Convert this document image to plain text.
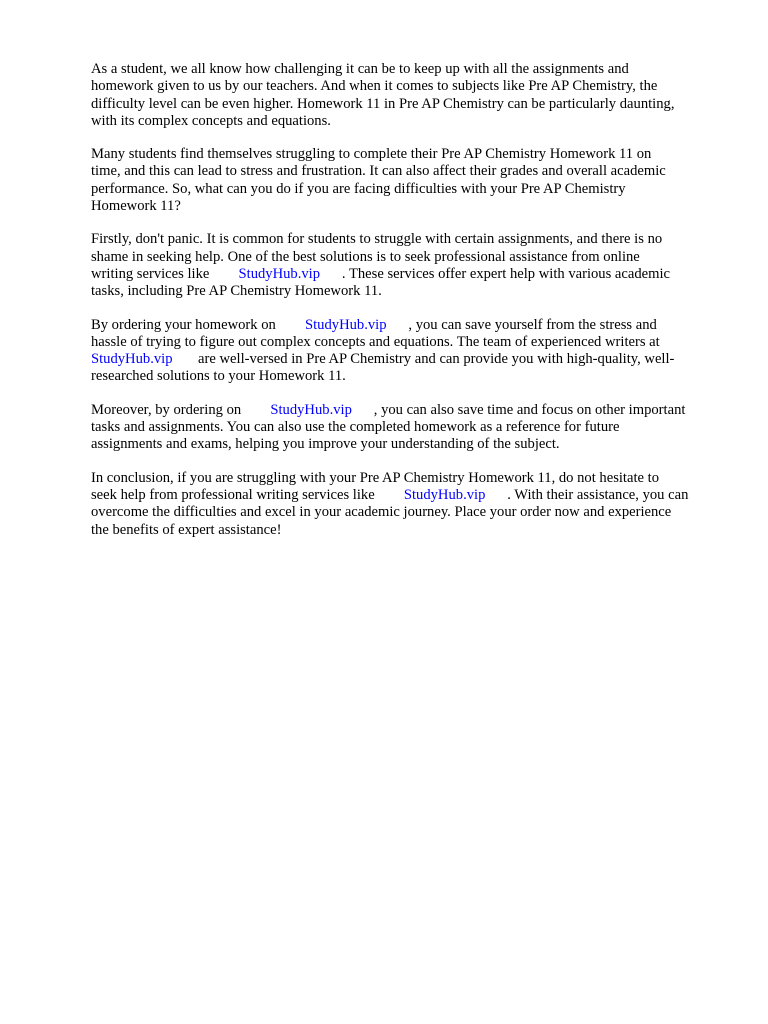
As a student, we all know how challenging it can be to keep up with all the assignments and
homework given to us by our teachers. And when it comes to subjects like Pre AP Chemistry, the
difficulty level can be even higher. Homework 11 in Pre AP Chemistry can be particularly daunting,
with its complex concepts and equations.

Many students find themselves struggling to complete their Pre AP Chemistry Homework 11 on
time, and this can lead to stress and frustration. It can also affect their grades and overall academic
performance. So, what can you do if you are facing difficulties with your Pre AP Chemistry
Homework 11?

Firstly, don't panic. It is common for students to struggle with certain assignments, and there is no
shame in seeking help. One of the best solutions is to seek professional assistance from online
writing services like        StudyHub.vip      . These services offer expert help with various academic
tasks, including Pre AP Chemistry Homework 11.

By ordering your homework on        StudyHub.vip      , you can save yourself from the stress and
hassle of trying to figure out complex concepts and equations. The team of experienced writers at
StudyHub.vip       are well-versed in Pre AP Chemistry and can provide you with high-quality, well-
researched solutions to your Homework 11.

Moreover, by ordering on        StudyHub.vip      , you can also save time and focus on other important
tasks and assignments. You can also use the completed homework as a reference for future
assignments and exams, helping you improve your understanding of the subject.

In conclusion, if you are struggling with your Pre AP Chemistry Homework 11, do not hesitate to
seek help from professional writing services like        StudyHub.vip      . With their assistance, you can
overcome the difficulties and excel in your academic journey. Place your order now and experience
the benefits of expert assistance!
